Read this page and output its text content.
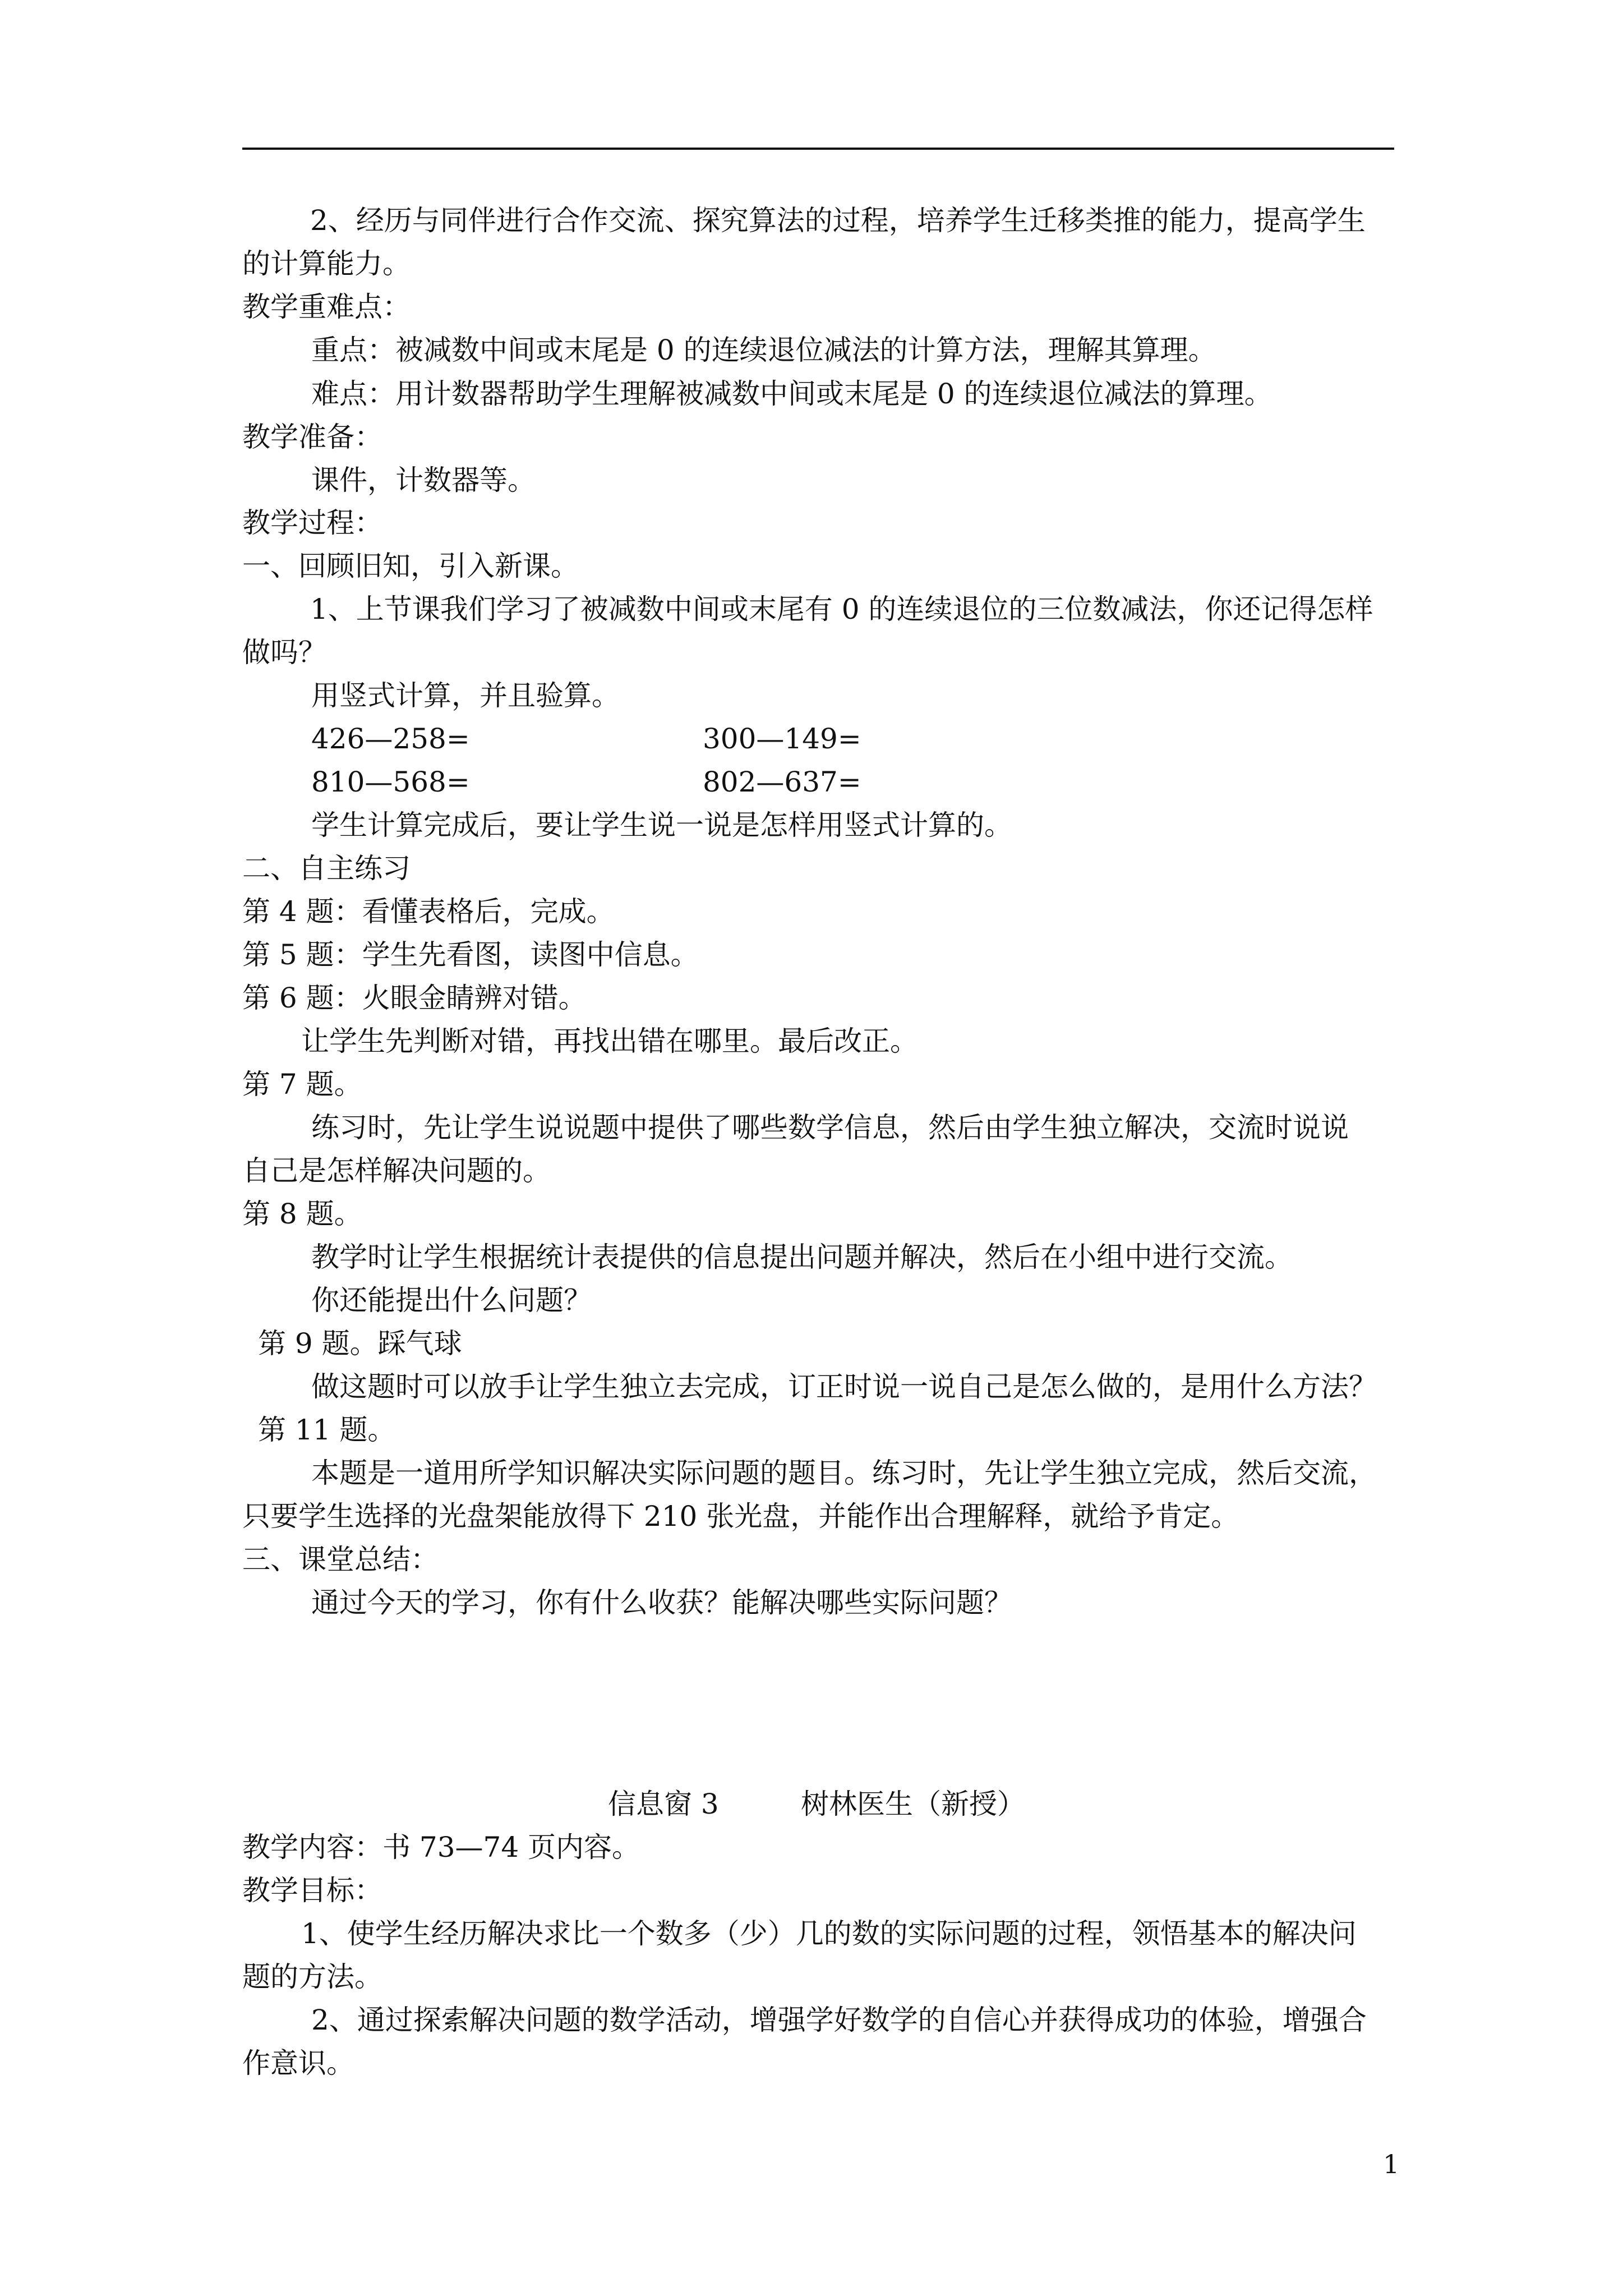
2、经历与同伴进行合作交流、探究算法的过程，培养学生迁移类推的能力，提高学生

的计算能力。

教学重难点：

重点：被减数中间或末尾是 0 的连续退位减法的计算方法，理解其算理。

难点：用计数器帮助学生理解被减数中间或末尾是 0 的连续退位减法的算理。

教学准备：

课件，计数器等。

教学过程：

一、回顾旧知，引入新课。

1、上节课我们学习了被减数中间或末尾有 0 的连续退位的三位数减法，你还记得怎样

做吗？

用竖式计算，并且验算。

426—258=	300—149=

810—568=	802—637=

学生计算完成后，要让学生说一说是怎样用竖式计算的。

二、自主练习

第 4 题：看懂表格后，完成。

第 5 题：学生先看图，读图中信息。

第 6 题：火眼金睛辨对错。

让学生先判断对错，再找出错在哪里。最后改正。

第 7 题。

练习时，先让学生说说题中提供了哪些数学信息，然后由学生独立解决，交流时说说

自己是怎样解决问题的。

第 8 题。

教学时让学生根据统计表提供的信息提出问题并解决，然后在小组中进行交流。

你还能提出什么问题？

第 9 题。踩气球

做这题时可以放手让学生独立去完成，订正时说一说自己是怎么做的，是用什么方法？

第 11 题。

本题是一道用所学知识解决实际问题的题目。练习时，先让学生独立完成，然后交流，

只要学生选择的光盘架能放得下 210 张光盘，并能作出合理解释，就给予肯定。

三、课堂总结：

通过今天的学习，你有什么收获？能解决哪些实际问题？

信息窗 3	树林医生（新授）

教学内容：书 73—74 页内容。

教学目标：

1、使学生经历解决求比一个数多（少）几的数的实际问题的过程，领悟基本的解决问

题的方法。

2、通过探索解决问题的数学活动，增强学好数学的自信心并获得成功的体验，增强合

作意识。

1
